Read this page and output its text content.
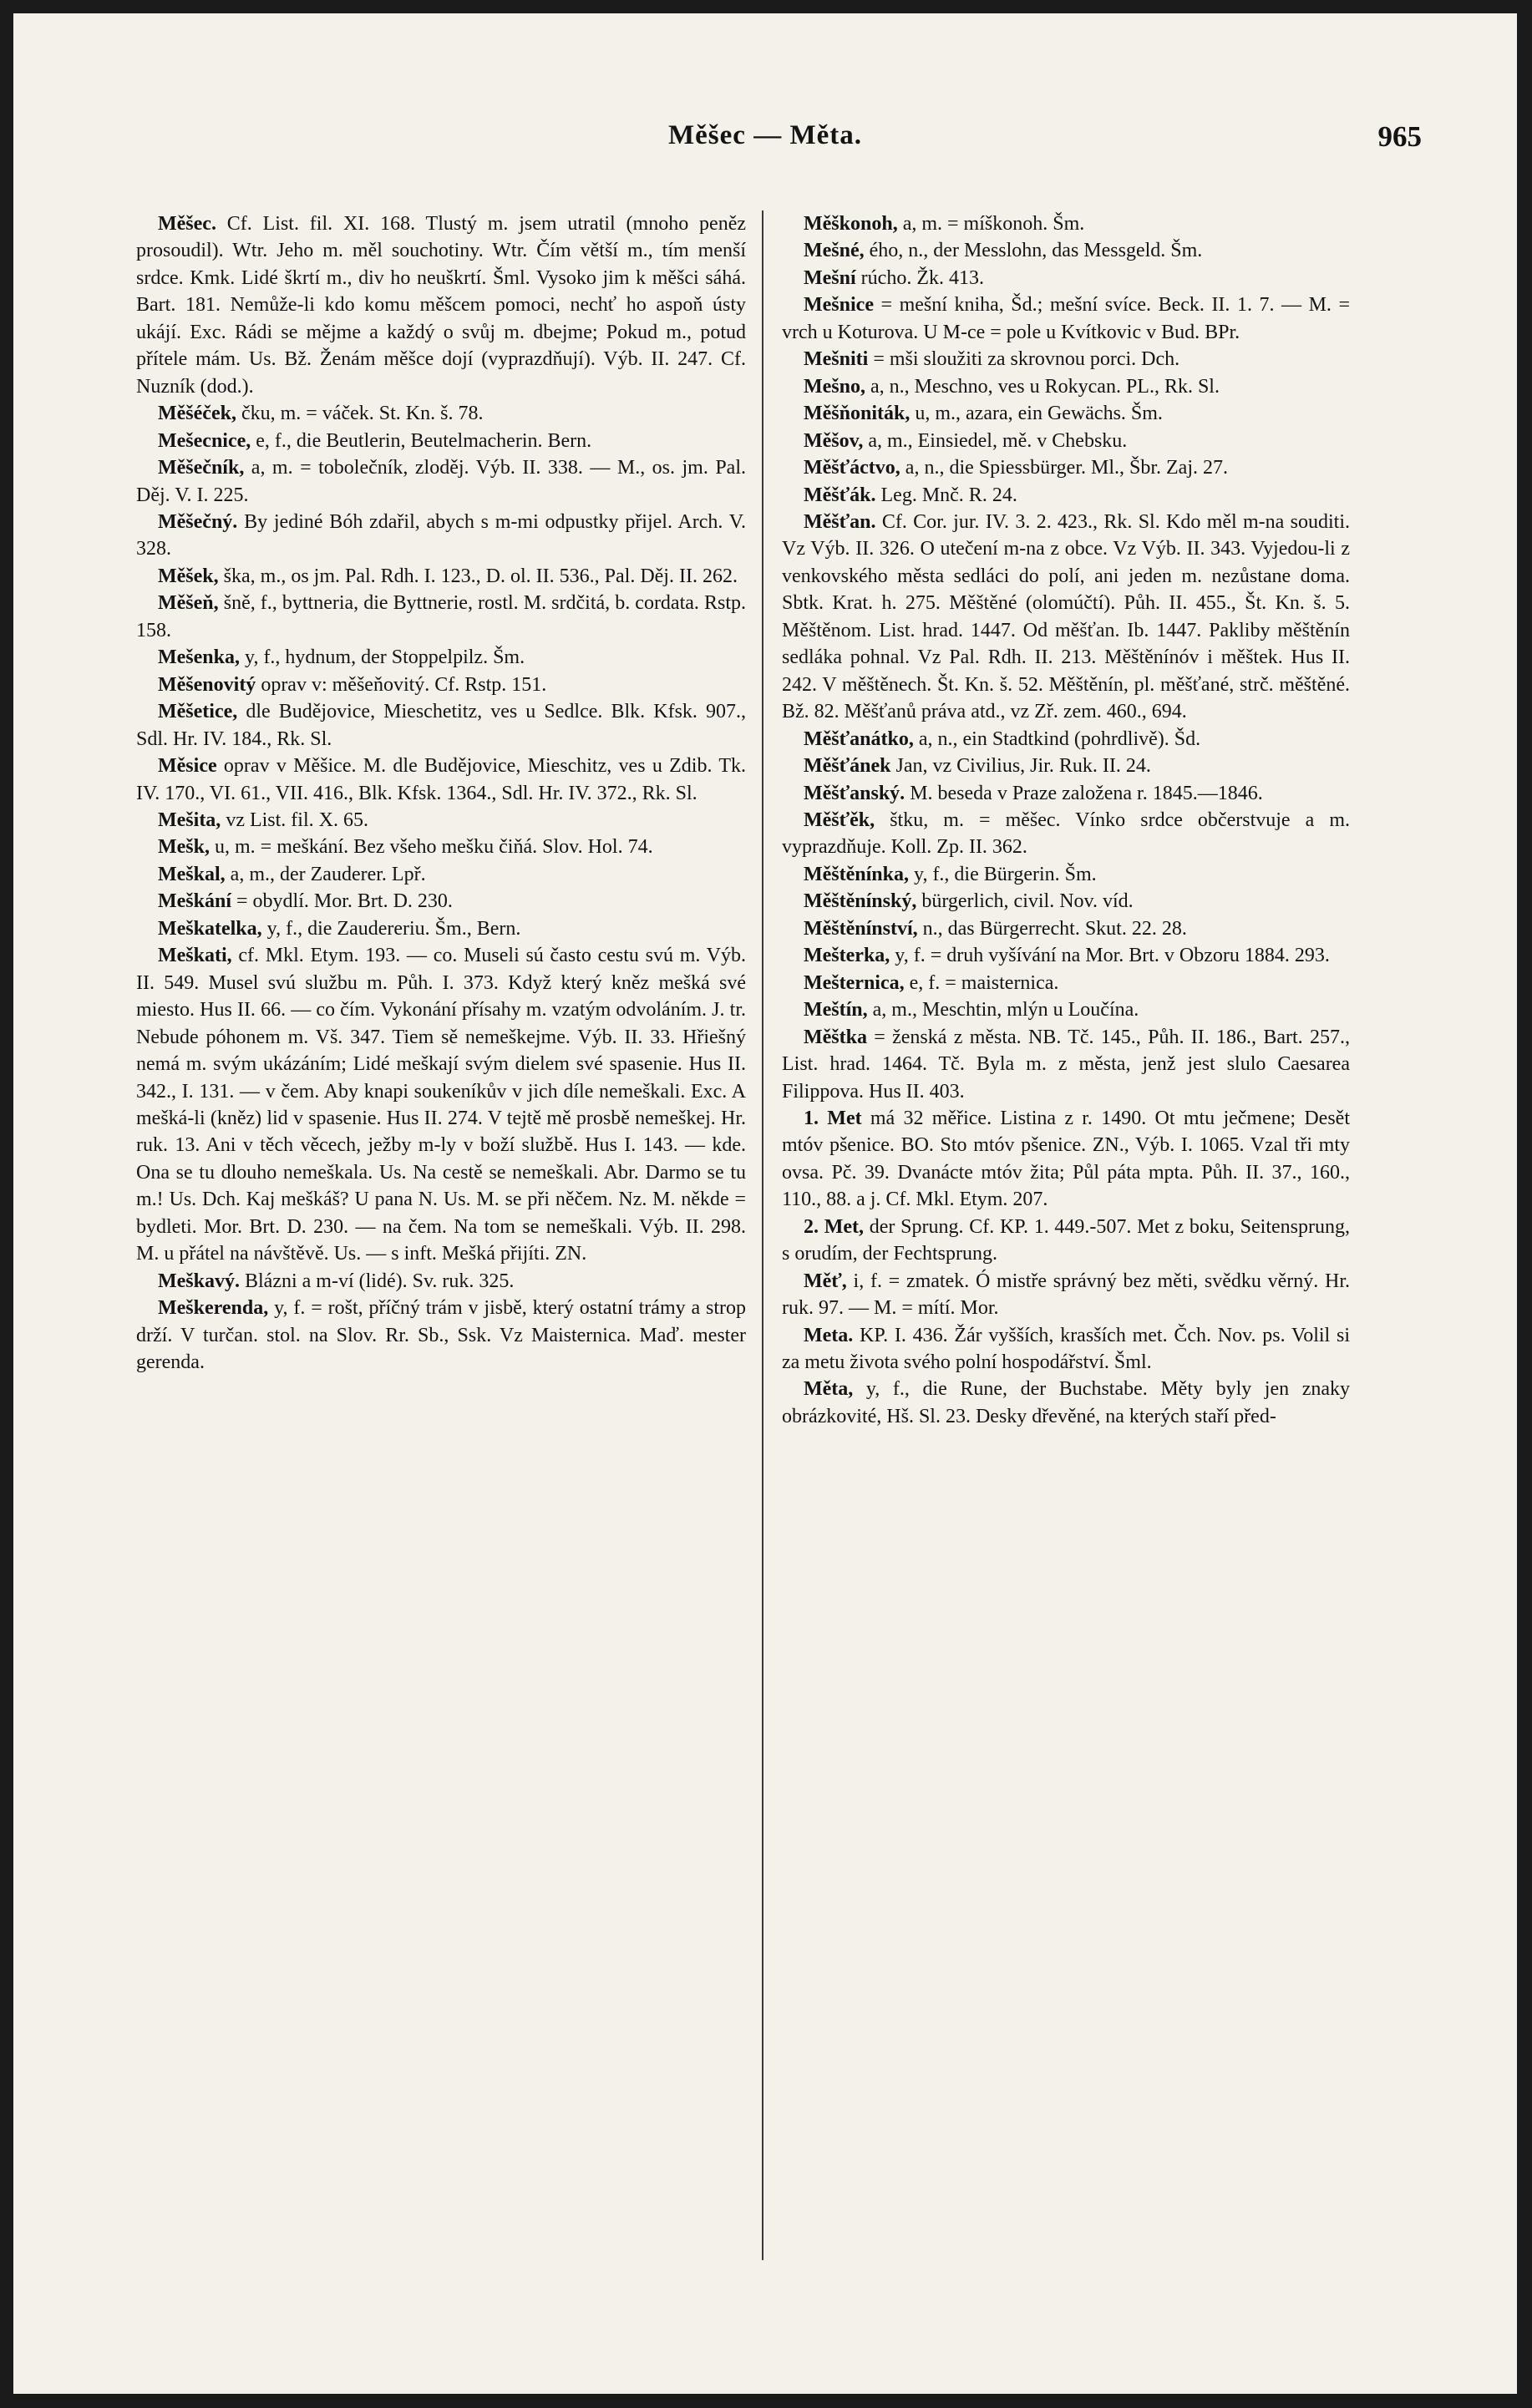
Měšec — Měta.	965

Měšec. Cf. List. fil. XI. 168. Tlustý m. jsem utratil (mnoho peněz prosoudil). Wtr. Jeho m. měl souchotiny. Wtr. Čím větší m., tím menší srdce. Kmk. Lidé škrtí m., div ho neuškrtí. Šml. Vysoko jim k měšci sáhá. Bart. 181. Nemůže-li kdo komu měšcem pomoci, nechť ho aspoň ústy ukájí. Exc. Rádi se mějme a každý o svůj m. dbejme; Pokud m., potud přítele mám. Us. Bž. Ženám měšce dojí (vyprazdňují). Výb. II. 247. Cf. Nuzník (dod.).

Měšéček, čku, m. = váček. St. Kn. š. 78.

Mešecnice, e, f., die Beutlerin, Beutelmacherin. Bern.

Měšečník, a, m. = tobolečník, zloděj. Výb. II. 338. — M., os. jm. Pal. Děj. V. I. 225.

Měšečný. By jediné Bóh zdařil, abych s m-mi odpustky přijel. Arch. V. 328.

Měšek, ška, m., os jm. Pal. Rdh. I. 123., D. ol. II. 536., Pal. Děj. II. 262.

Měšeň, šně, f., byttneria, die Byttnerie, rostl. M. srdčitá, b. cordata. Rstp. 158.

Mešenka, y, f., hydnum, der Stoppelpilz. Šm.

Měšenovitý oprav v: měšeňovitý. Cf. Rstp. 151.

Měšetice, dle Budějovice, Mieschetitz, ves u Sedlce. Blk. Kfsk. 907., Sdl. Hr. IV. 184., Rk. Sl.

Měsice oprav v Měšice. M. dle Budějovice, Mieschitz, ves u Zdib. Tk. IV. 170., VI. 61., VII. 416., Blk. Kfsk. 1364., Sdl. Hr. IV. 372., Rk. Sl.

Mešita, vz List. fil. X. 65.

Mešk, u, m. = meškání. Bez všeho mešku čiňá. Slov. Hol. 74.

Meškal, a, m., der Zauderer. Lpř.

Meškání = obydlí. Mor. Brt. D. 230.

Meškatelka, y, f., die Zaudereriu. Šm., Bern.

Meškati, cf. Mkl. Etym. 193. — co. Museli sú často cestu svú m. Výb. II. 549. Musel svú službu m. Půh. I. 373. Když který kněz mešká své miesto. Hus II. 66. — co čím. Vykonání přísahy m. vzatým odvoláním. J. tr. Nebude póhonem m. Vš. 347. Tiem sě nemeškejme. Výb. II. 33. Hřiešný nemá m. svým ukázáním; Lidé meškají svým dielem své spasenie. Hus II. 342., I. 131. — v čem. Aby knapi soukeníkův v jich díle nemeškali. Exc. A mešká-li (kněz) lid v spasenie. Hus II. 274. V tejtě mě prosbě nemeškej. Hr. ruk. 13. Ani v těch věcech, ježby m-ly v boží službě. Hus I. 143. — kde. Ona se tu dlouho nemeškala. Us. Na cestě se nemeškali. Abr. Darmo se tu m.! Us. Dch. Kaj meškáš? U pana N. Us. M. se při něčem. Nz. M. někde = bydleti. Mor. Brt. D. 230. — na čem. Na tom se nemeškali. Výb. II. 298. M. u přátel na návštěvě. Us. — s inft. Mešká přijíti. ZN.

Meškavý. Blázni a m-ví (lidé). Sv. ruk. 325.

Meškerenda, y, f. = rošt, příčný trám v jisbě, který ostatní trámy a strop drží. V turčan. stol. na Slov. Rr. Sb., Ssk. Vz Maisternica. Maď. mester gerenda.

Měškonoh, a, m. = míškonoh. Šm.

Mešné, ého, n., der Messlohn, das Messgeld. Šm.

Mešní rúcho. Žk. 413.

Mešnice = mešní kniha, Šd.; mešní svíce. Beck. II. 1. 7. — M. = vrch u Koturova. U M-ce = pole u Kvítkovic v Bud. BPr.

Mešniti = mši sloužiti za skrovnou porci. Dch.

Mešno, a, n., Meschno, ves u Rokycan. PL., Rk. Sl.

Měšňoniták, u, m., azara, ein Gewächs. Šm.

Měšov, a, m., Einsiedel, mě. v Chebsku.

Měšťáctvo, a, n., die Spiessbürger. Ml., Šbr. Zaj. 27.

Měšťák. Leg. Mnč. R. 24.

Měšťan. Cf. Cor. jur. IV. 3. 2. 423., Rk. Sl. Kdo měl m-na souditi. Vz Výb. II. 326. O utečení m-na z obce. Vz Výb. II. 343. Vyjedou-li z venkovského města sedláci do polí, ani jeden m. nezůstane doma. Sbtk. Krat. h. 275. Měštěné (olomúčtí). Půh. II. 455., Št. Kn. š. 5. Měštěnom. List. hrad. 1447. Od měšťan. Ib. 1447. Pakliby měštěnín sedláka pohnal. Vz Pal. Rdh. II. 213. Měštěnínóv i měštek. Hus II. 242. V měštěnech. Št. Kn. š. 52. Měštěnín, pl. měšťané, strč. měštěné. Bž. 82. Měšťanů práva atd., vz Zř. zem. 460., 694.

Měšťanátko, a, n., ein Stadtkind (pohrdlivě). Šd.

Měšťánek Jan, vz Civilius, Jir. Ruk. II. 24.

Měšťanský. M. beseda v Praze založena r. 1845.—1846.

Měšťěk, štku, m. = měšec. Vínko srdce občerstvuje a m. vyprazdňuje. Koll. Zp. II. 362.

Měštěnínka, y, f., die Bürgerin. Šm.

Měštěnínský, bürgerlich, civil. Nov. víd.

Měštěnínství, n., das Bürgerrecht. Skut. 22. 28.

Mešterka, y, f. = druh vyšívání na Mor. Brt. v Obzoru 1884. 293.

Mešternica, e, f. = maisternica.

Meštín, a, m., Meschtin, mlýn u Loučína.

Měštka = ženská z města. NB. Tč. 145., Půh. II. 186., Bart. 257., List. hrad. 1464. Tč. Byla m. z města, jenž jest slulo Caesarea Filippova. Hus II. 403.

1. Met má 32 měřice. Listina z r. 1490. Ot mtu ječmene; Desět mtóv pšenice. BO. Sto mtóv pšenice. ZN., Výb. I. 1065. Vzal tři mty ovsa. Pč. 39. Dvanácte mtóv žita; Půl páta mpta. Půh. II. 37., 160., 110., 88. a j. Cf. Mkl. Etym. 207.

2. Met, der Sprung. Cf. KP. 1. 449.-507. Met z boku, Seitensprung, s orudím, der Fechtsprung.

Měť, i, f. = zmatek. Ó mistře správný bez měti, svědku věrný. Hr. ruk. 97. — M. = mítí. Mor.

Meta. KP. I. 436. Žár vyšších, krasších met. Čch. Nov. ps. Volil si za metu života svého polní hospodářství. Šml.

Měta, y, f., die Rune, der Buchstabe. Měty byly jen znaky obrázkovité, Hš. Sl. 23. Desky dřevěné, na kterých staří před-
